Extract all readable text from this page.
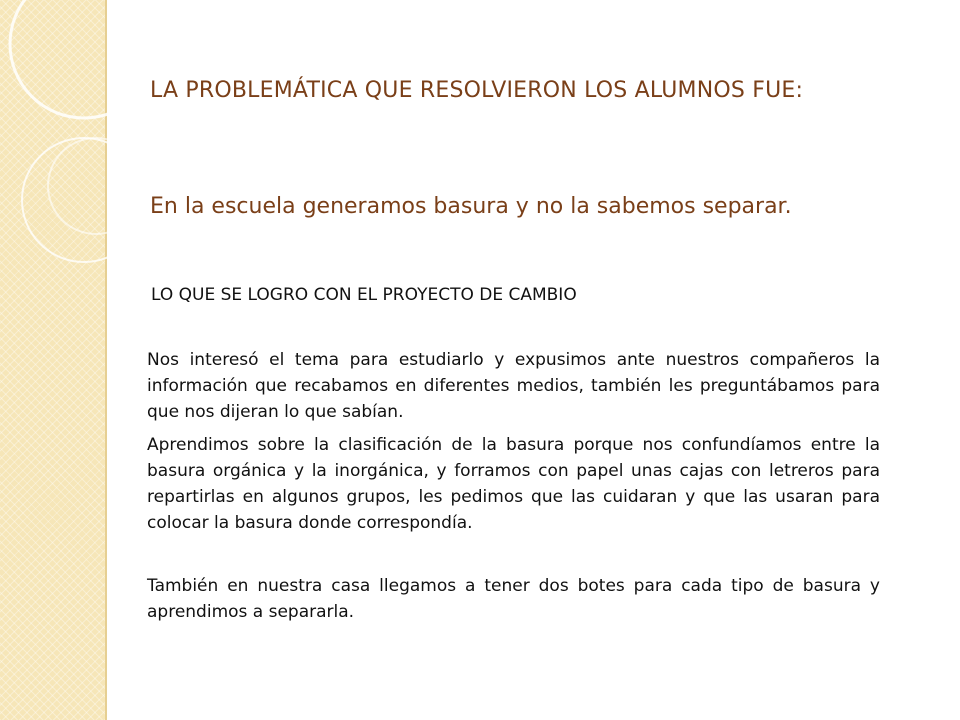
LA PROBLEMÁTICA QUE RESOLVIERON LOS ALUMNOS FUE:
En la escuela generamos basura y no la sabemos separar.

LO QUE SE LOGRO CON EL PROYECTO DE CAMBIO

Nos interesó el tema para estudiarlo y expusimos ante nuestros compañeros la información que recabamos en diferentes medios, también les preguntábamos para que nos dijeran lo que sabían.

Aprendimos sobre la clasificación de la basura porque nos confundíamos entre la basura orgánica y la inorgánica, y forramos con papel unas cajas con letreros para repartirlas en algunos grupos, les pedimos que las cuidaran y que las usaran para colocar la basura donde correspondía.

También en nuestra casa llegamos a tener dos botes para cada tipo de basura y aprendimos a separarla.
